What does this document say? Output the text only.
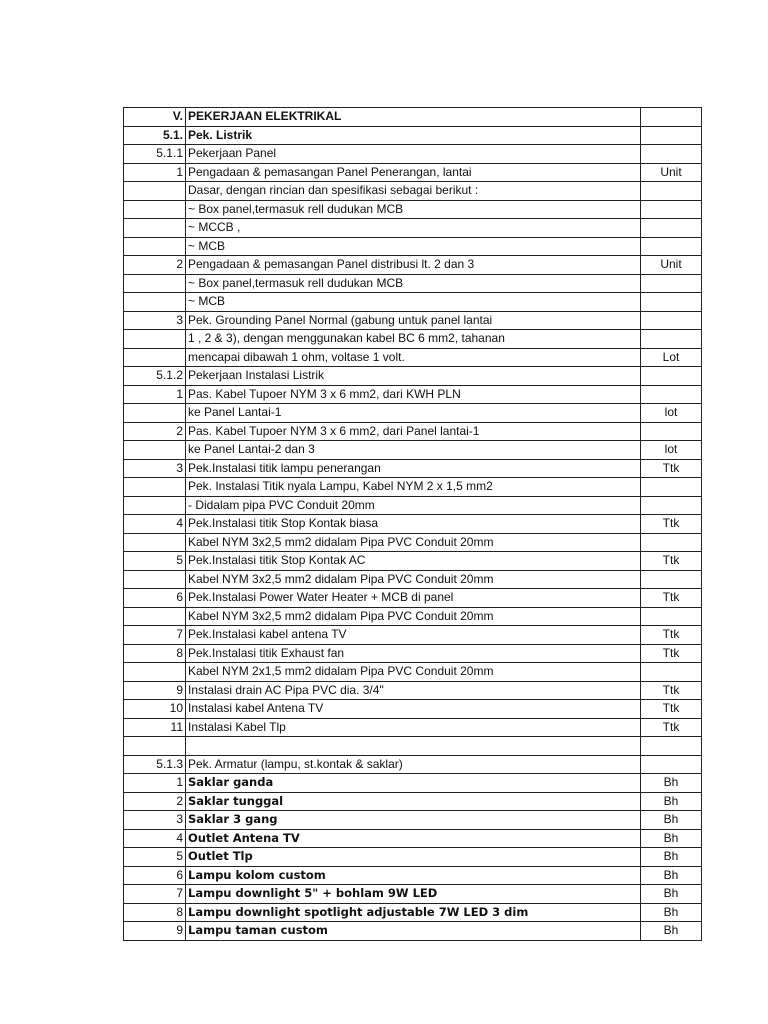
V.	PEKERJAAN ELEKTRIKAL	
5.1.	Pek. Listrik	
5.1.1	Pekerjaan Panel	
1	Pengadaan & pemasangan Panel Penerangan, lantai	Unit
	Dasar, dengan rincian dan spesifikasi sebagai berikut :	
	~ Box panel,termasuk rell dudukan MCB	
	~ MCCB ,	
	~ MCB	
2	Pengadaan & pemasangan Panel distribusi lt. 2 dan 3	Unit
	~ Box panel,termasuk rell dudukan MCB	
	~ MCB	
3	Pek. Grounding Panel Normal (gabung untuk panel lantai	
	1 , 2 & 3), dengan menggunakan kabel BC 6 mm2, tahanan	
	mencapai dibawah 1 ohm, voltase 1 volt.	Lot
5.1.2	Pekerjaan Instalasi Listrik	
1	Pas. Kabel Tupoer NYM 3 x 6 mm2, dari KWH PLN	
	ke Panel Lantai-1	lot
2	Pas. Kabel Tupoer NYM 3 x 6 mm2, dari Panel lantai-1	
	ke Panel Lantai-2 dan 3	lot
3	Pek.Instalasi titik lampu penerangan	Ttk
	Pek. Instalasi Titik nyala Lampu, Kabel NYM 2 x 1,5 mm2	
	- Didalam pipa PVC Conduit 20mm	
4	Pek.Instalasi titik Stop Kontak biasa	Ttk
	Kabel NYM 3x2,5 mm2 didalam Pipa PVC Conduit 20mm	
5	Pek.Instalasi titik Stop Kontak AC	Ttk
	Kabel NYM 3x2,5 mm2 didalam Pipa PVC Conduit 20mm	
6	Pek.Instalasi Power Water Heater + MCB di panel	Ttk
	Kabel NYM 3x2,5 mm2 didalam Pipa PVC Conduit 20mm	
7	Pek.Instalasi kabel antena TV	Ttk
8	Pek.Instalasi titik Exhaust fan	Ttk
	Kabel NYM 2x1,5 mm2 didalam Pipa PVC Conduit 20mm	
9	Instalasi drain AC Pipa PVC dia. 3/4"	Ttk
10	Instalasi kabel Antena TV	Ttk
11	Instalasi Kabel Tlp	Ttk

5.1.3	Pek. Armatur (lampu, st.kontak & saklar)	
1	Saklar ganda	Bh
2	Saklar tunggal	Bh
3	Saklar 3 gang	Bh
4	Outlet Antena TV	Bh
5	Outlet Tlp	Bh
6	Lampu kolom custom	Bh
7	Lampu downlight 5" + bohlam 9W LED	Bh
8	Lampu downlight spotlight adjustable 7W LED 3 dim	Bh
9	Lampu taman custom	Bh
